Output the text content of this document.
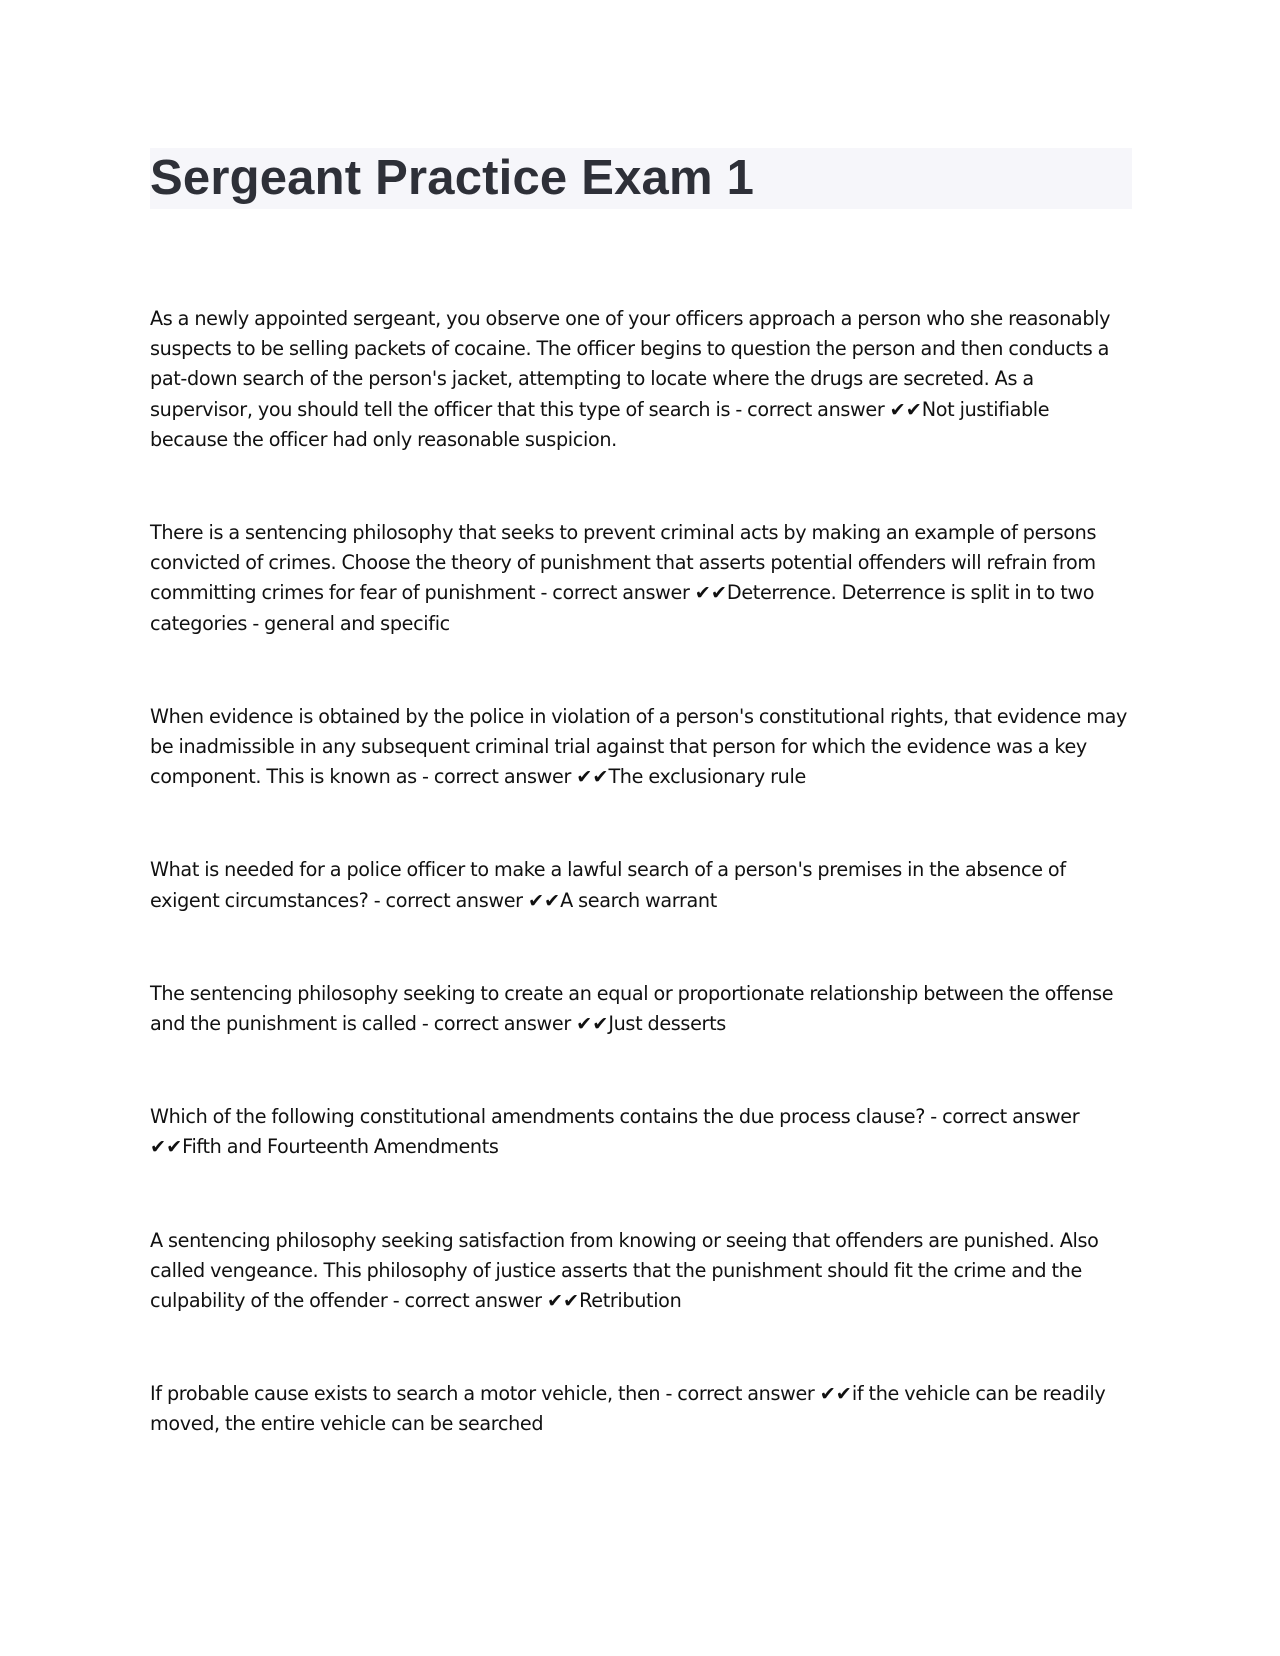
Sergeant Practice Exam 1

As a newly appointed sergeant, you observe one of your officers approach a person who she reasonably suspects to be selling packets of cocaine. The officer begins to question the person and then conducts a pat-down search of the person's jacket, attempting to locate where the drugs are secreted. As a supervisor, you should tell the officer that this type of search is - correct answer ✔✔Not justifiable because the officer had only reasonable suspicion.

There is a sentencing philosophy that seeks to prevent criminal acts by making an example of persons convicted of crimes. Choose the theory of punishment that asserts potential offenders will refrain from committing crimes for fear of punishment - correct answer ✔✔Deterrence. Deterrence is split in to two categories - general and specific

When evidence is obtained by the police in violation of a person's constitutional rights, that evidence may be inadmissible in any subsequent criminal trial against that person for which the evidence was a key component. This is known as - correct answer ✔✔The exclusionary rule

What is needed for a police officer to make a lawful search of a person's premises in the absence of exigent circumstances? - correct answer ✔✔A search warrant

The sentencing philosophy seeking to create an equal or proportionate relationship between the offense and the punishment is called - correct answer ✔✔Just desserts

Which of the following constitutional amendments contains the due process clause? - correct answer ✔✔Fifth and Fourteenth Amendments

A sentencing philosophy seeking satisfaction from knowing or seeing that offenders are punished. Also called vengeance. This philosophy of justice asserts that the punishment should fit the crime and the culpability of the offender - correct answer ✔✔Retribution

If probable cause exists to search a motor vehicle, then - correct answer ✔✔if the vehicle can be readily moved, the entire vehicle can be searched
